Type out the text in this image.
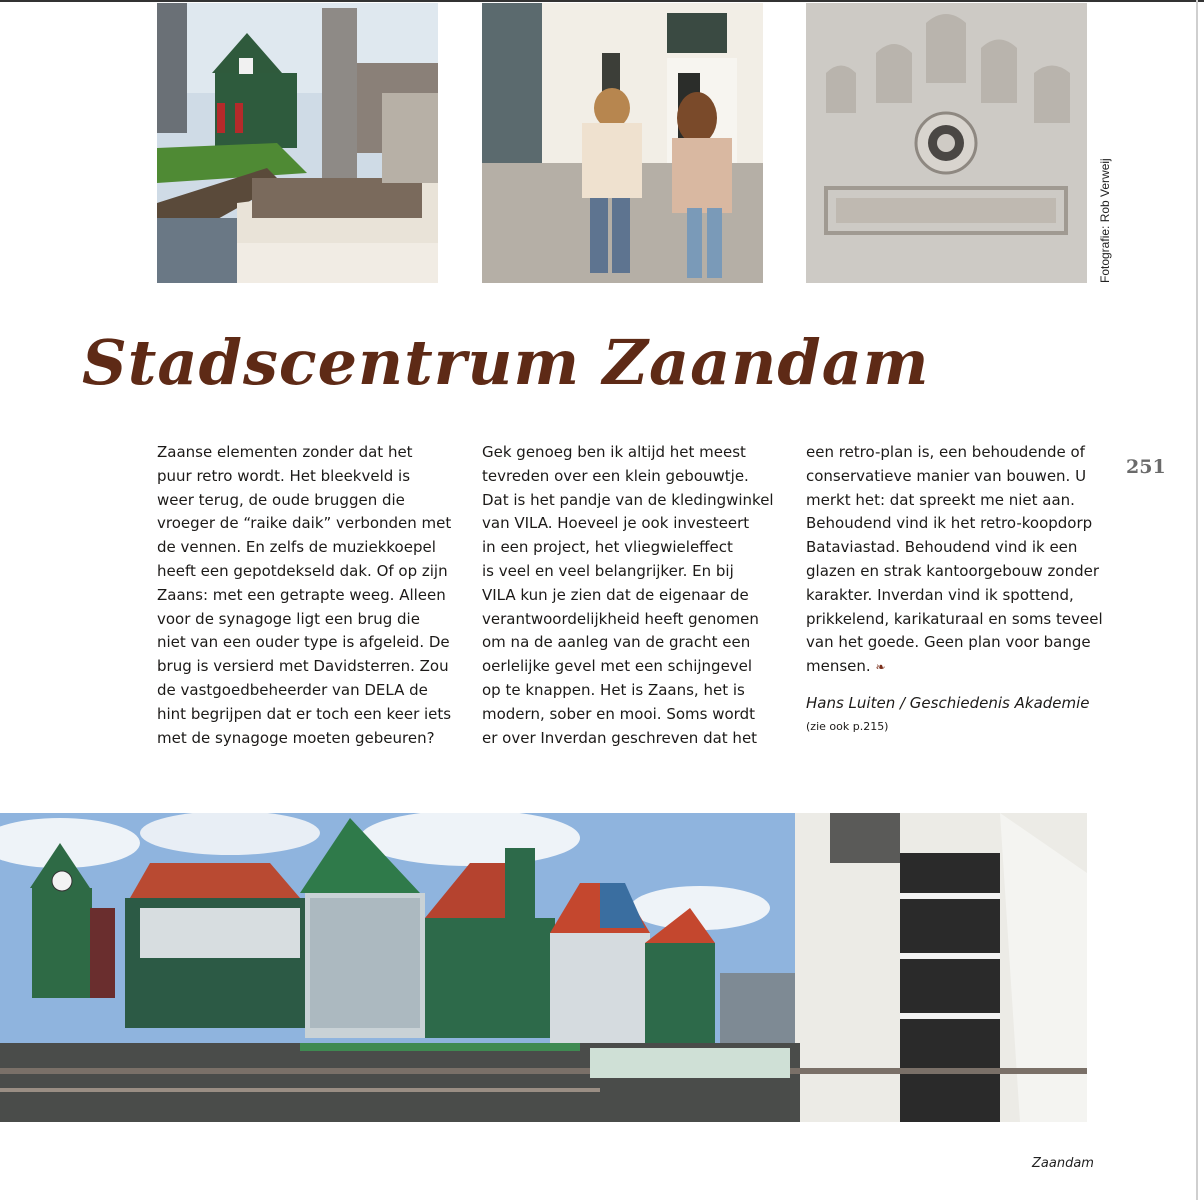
Fotografie: Rob Verweij
Stadscentrum Zaandam
Zaanse elementen zonder dat het
puur retro wordt. Het bleekveld is
weer terug, de oude bruggen die
vroeger de “raike daik” verbonden met
de vennen. En zelfs de muziekkoepel
heeft een gepotdekseld dak. Of op zijn
Zaans: met een getrapte weeg. Alleen
voor de synagoge ligt een brug die
niet van een ouder type is afgeleid. De
brug is versierd met Davidsterren. Zou
de vastgoedbeheerder van DELA de
hint begrijpen dat er toch een keer iets
met de synagoge moeten gebeuren?
Gek genoeg ben ik altijd het meest
tevreden over een klein gebouwtje.
Dat is het pandje van de kledingwinkel
van VILA. Hoeveel je ook investeert
in een project, het vliegwieleffect
is veel en veel belangrijker. En bij
VILA kun je zien dat de eigenaar de
verantwoordelijkheid heeft genomen
om na de aanleg van de gracht een
oerlelijke gevel met een schijngevel
op te knappen. Het is Zaans, het is
modern, sober en mooi. Soms wordt
er over Inverdan geschreven dat het
een retro-plan is, een behoudende of
conservatieve manier van bouwen. U
merkt het: dat spreekt me niet aan.
Behoudend vind ik het retro-koopdorp
Bataviastad. Behoudend vind ik een
glazen en strak kantoorgebouw zonder
karakter. Inverdan vind ik spottend,
prikkelend, karikaturaal en soms teveel
van het goede. Geen plan voor bange
mensen. ❧
Hans Luiten / Geschiedenis Akademie
(zie ook p.215)
251
Zaandam
